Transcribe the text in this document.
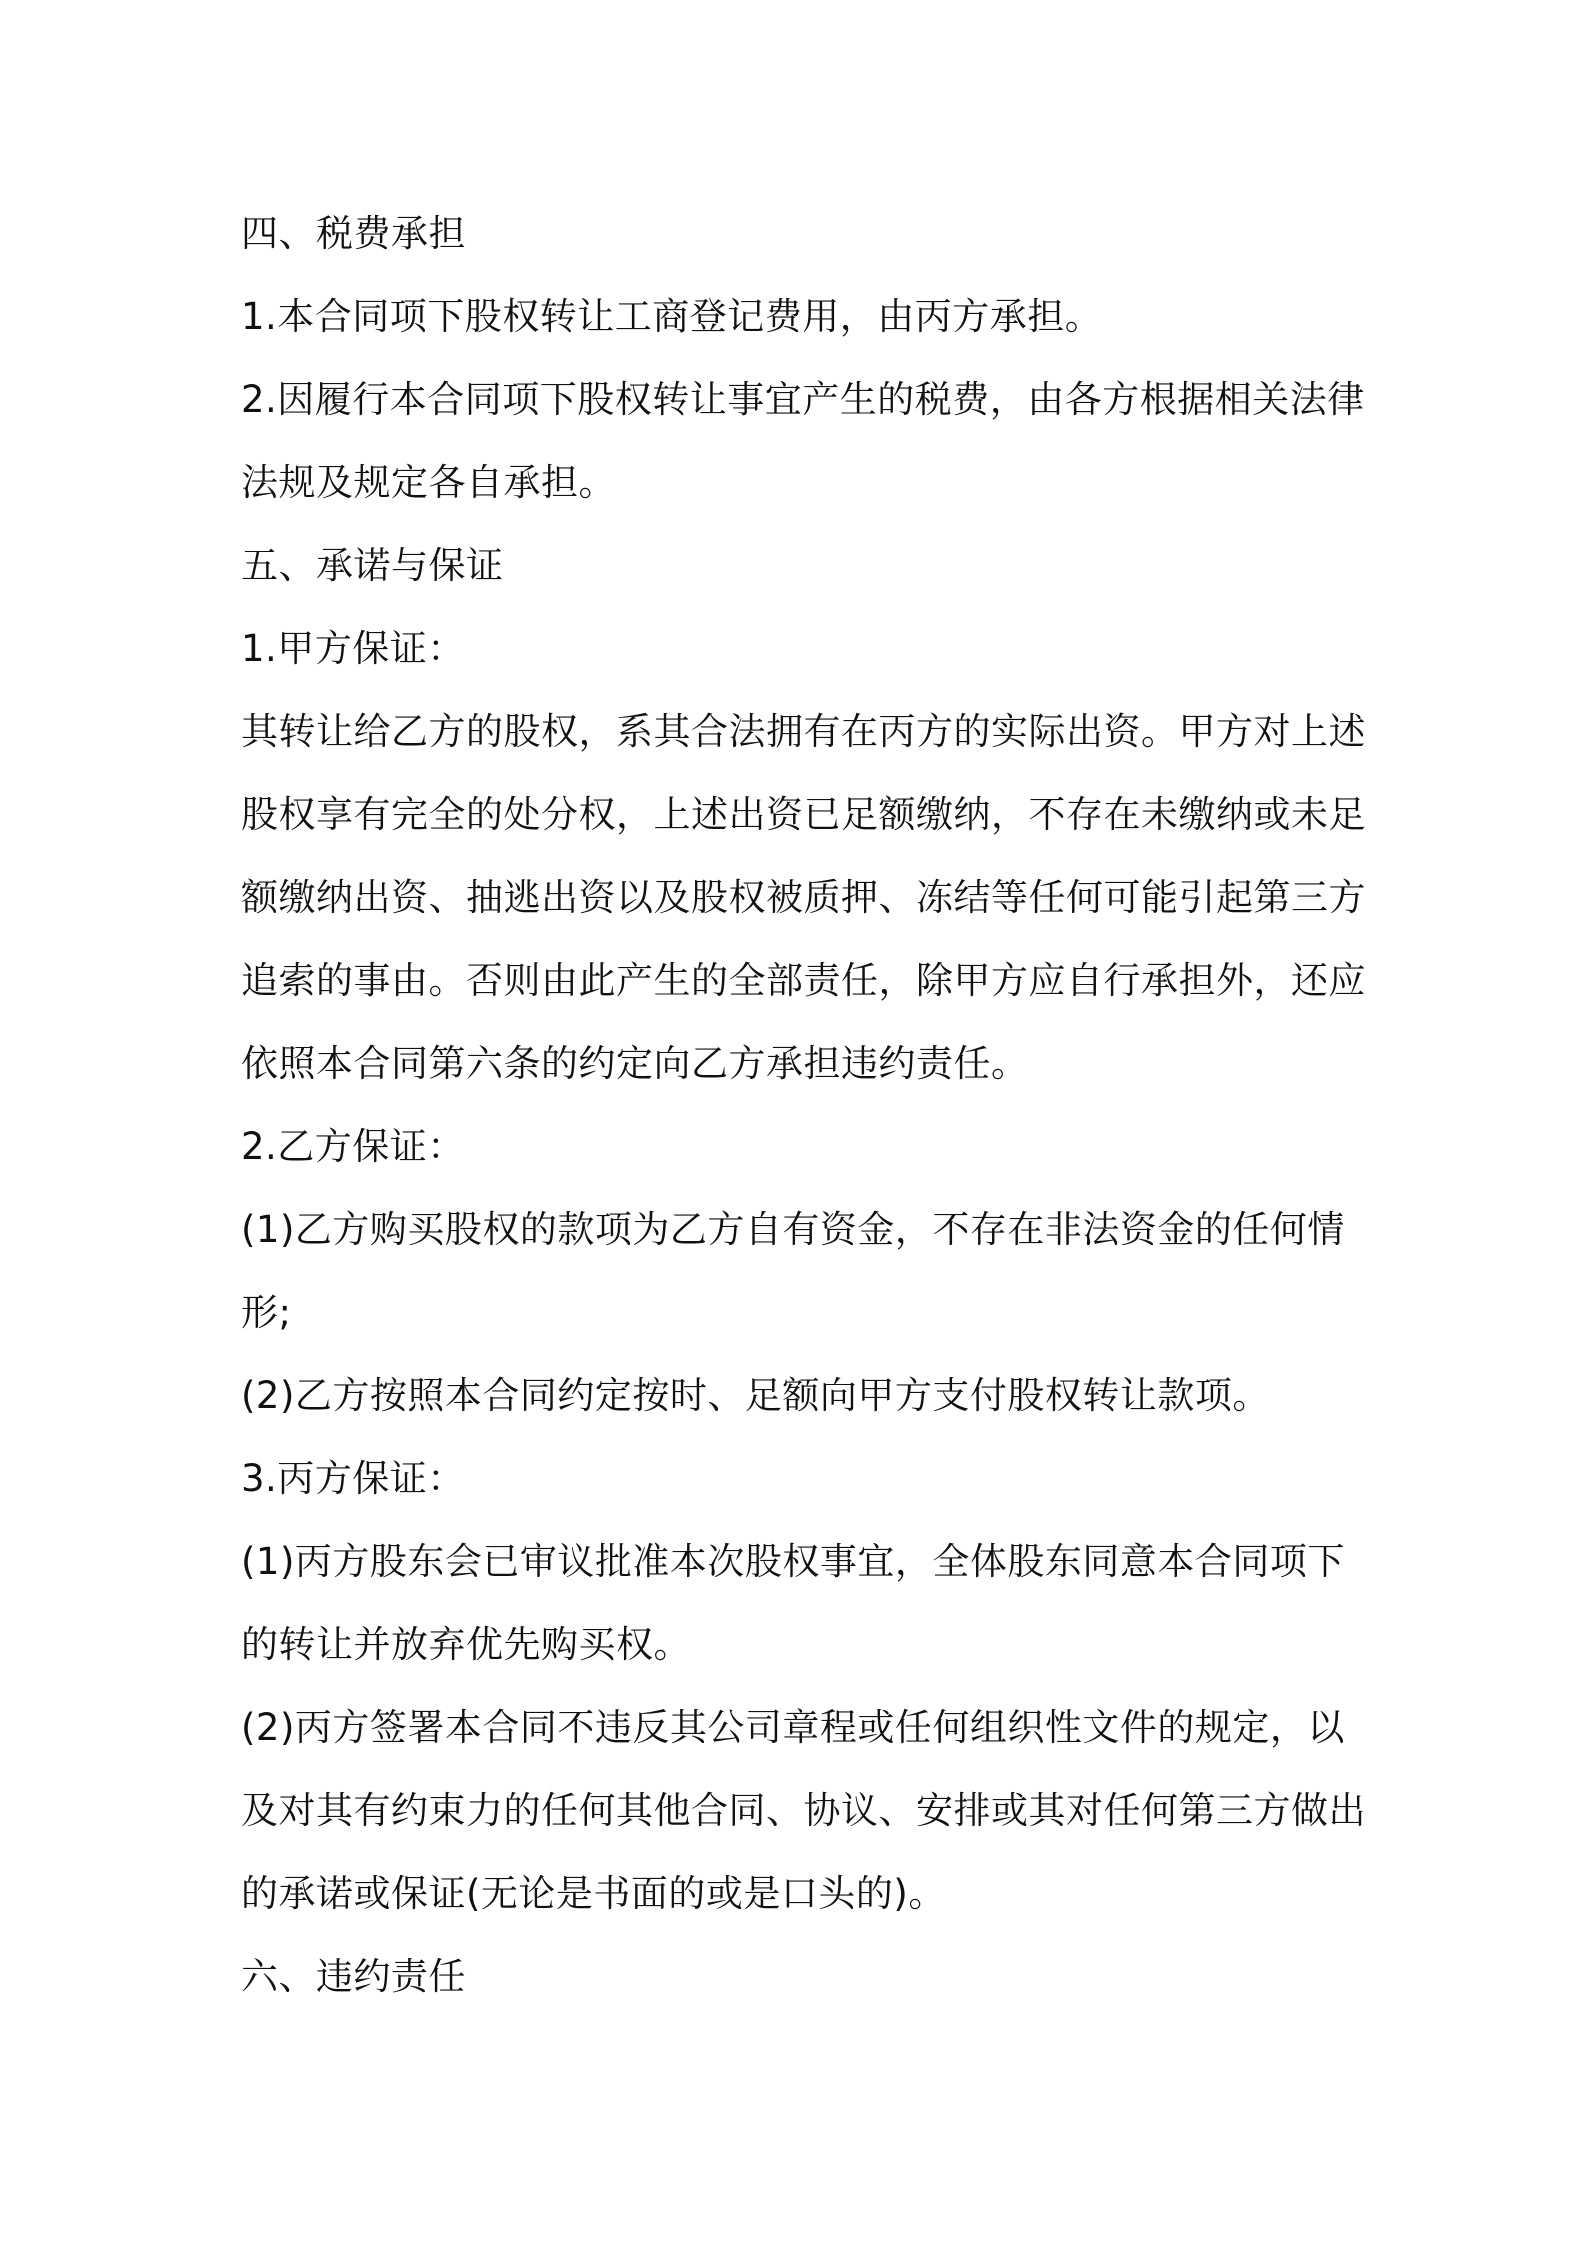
四、税费承担

1.本合同项下股权转让工商登记费用，由丙方承担。

2.因履行本合同项下股权转让事宜产生的税费，由各方根据相关法律

法规及规定各自承担。

五、承诺与保证

1.甲方保证：

其转让给乙方的股权，系其合法拥有在丙方的实际出资。甲方对上述

股权享有完全的处分权，上述出资已足额缴纳，不存在未缴纳或未足

额缴纳出资、抽逃出资以及股权被质押、冻结等任何可能引起第三方

追索的事由。否则由此产生的全部责任，除甲方应自行承担外，还应

依照本合同第六条的约定向乙方承担违约责任。

2.乙方保证：

(1)乙方购买股权的款项为乙方自有资金，不存在非法资金的任何情

形;

(2)乙方按照本合同约定按时、足额向甲方支付股权转让款项。

3.丙方保证：

(1)丙方股东会已审议批准本次股权事宜，全体股东同意本合同项下

的转让并放弃优先购买权。

(2)丙方签署本合同不违反其公司章程或任何组织性文件的规定，以

及对其有约束力的任何其他合同、协议、安排或其对任何第三方做出

的承诺或保证(无论是书面的或是口头的)。

六、违约责任
